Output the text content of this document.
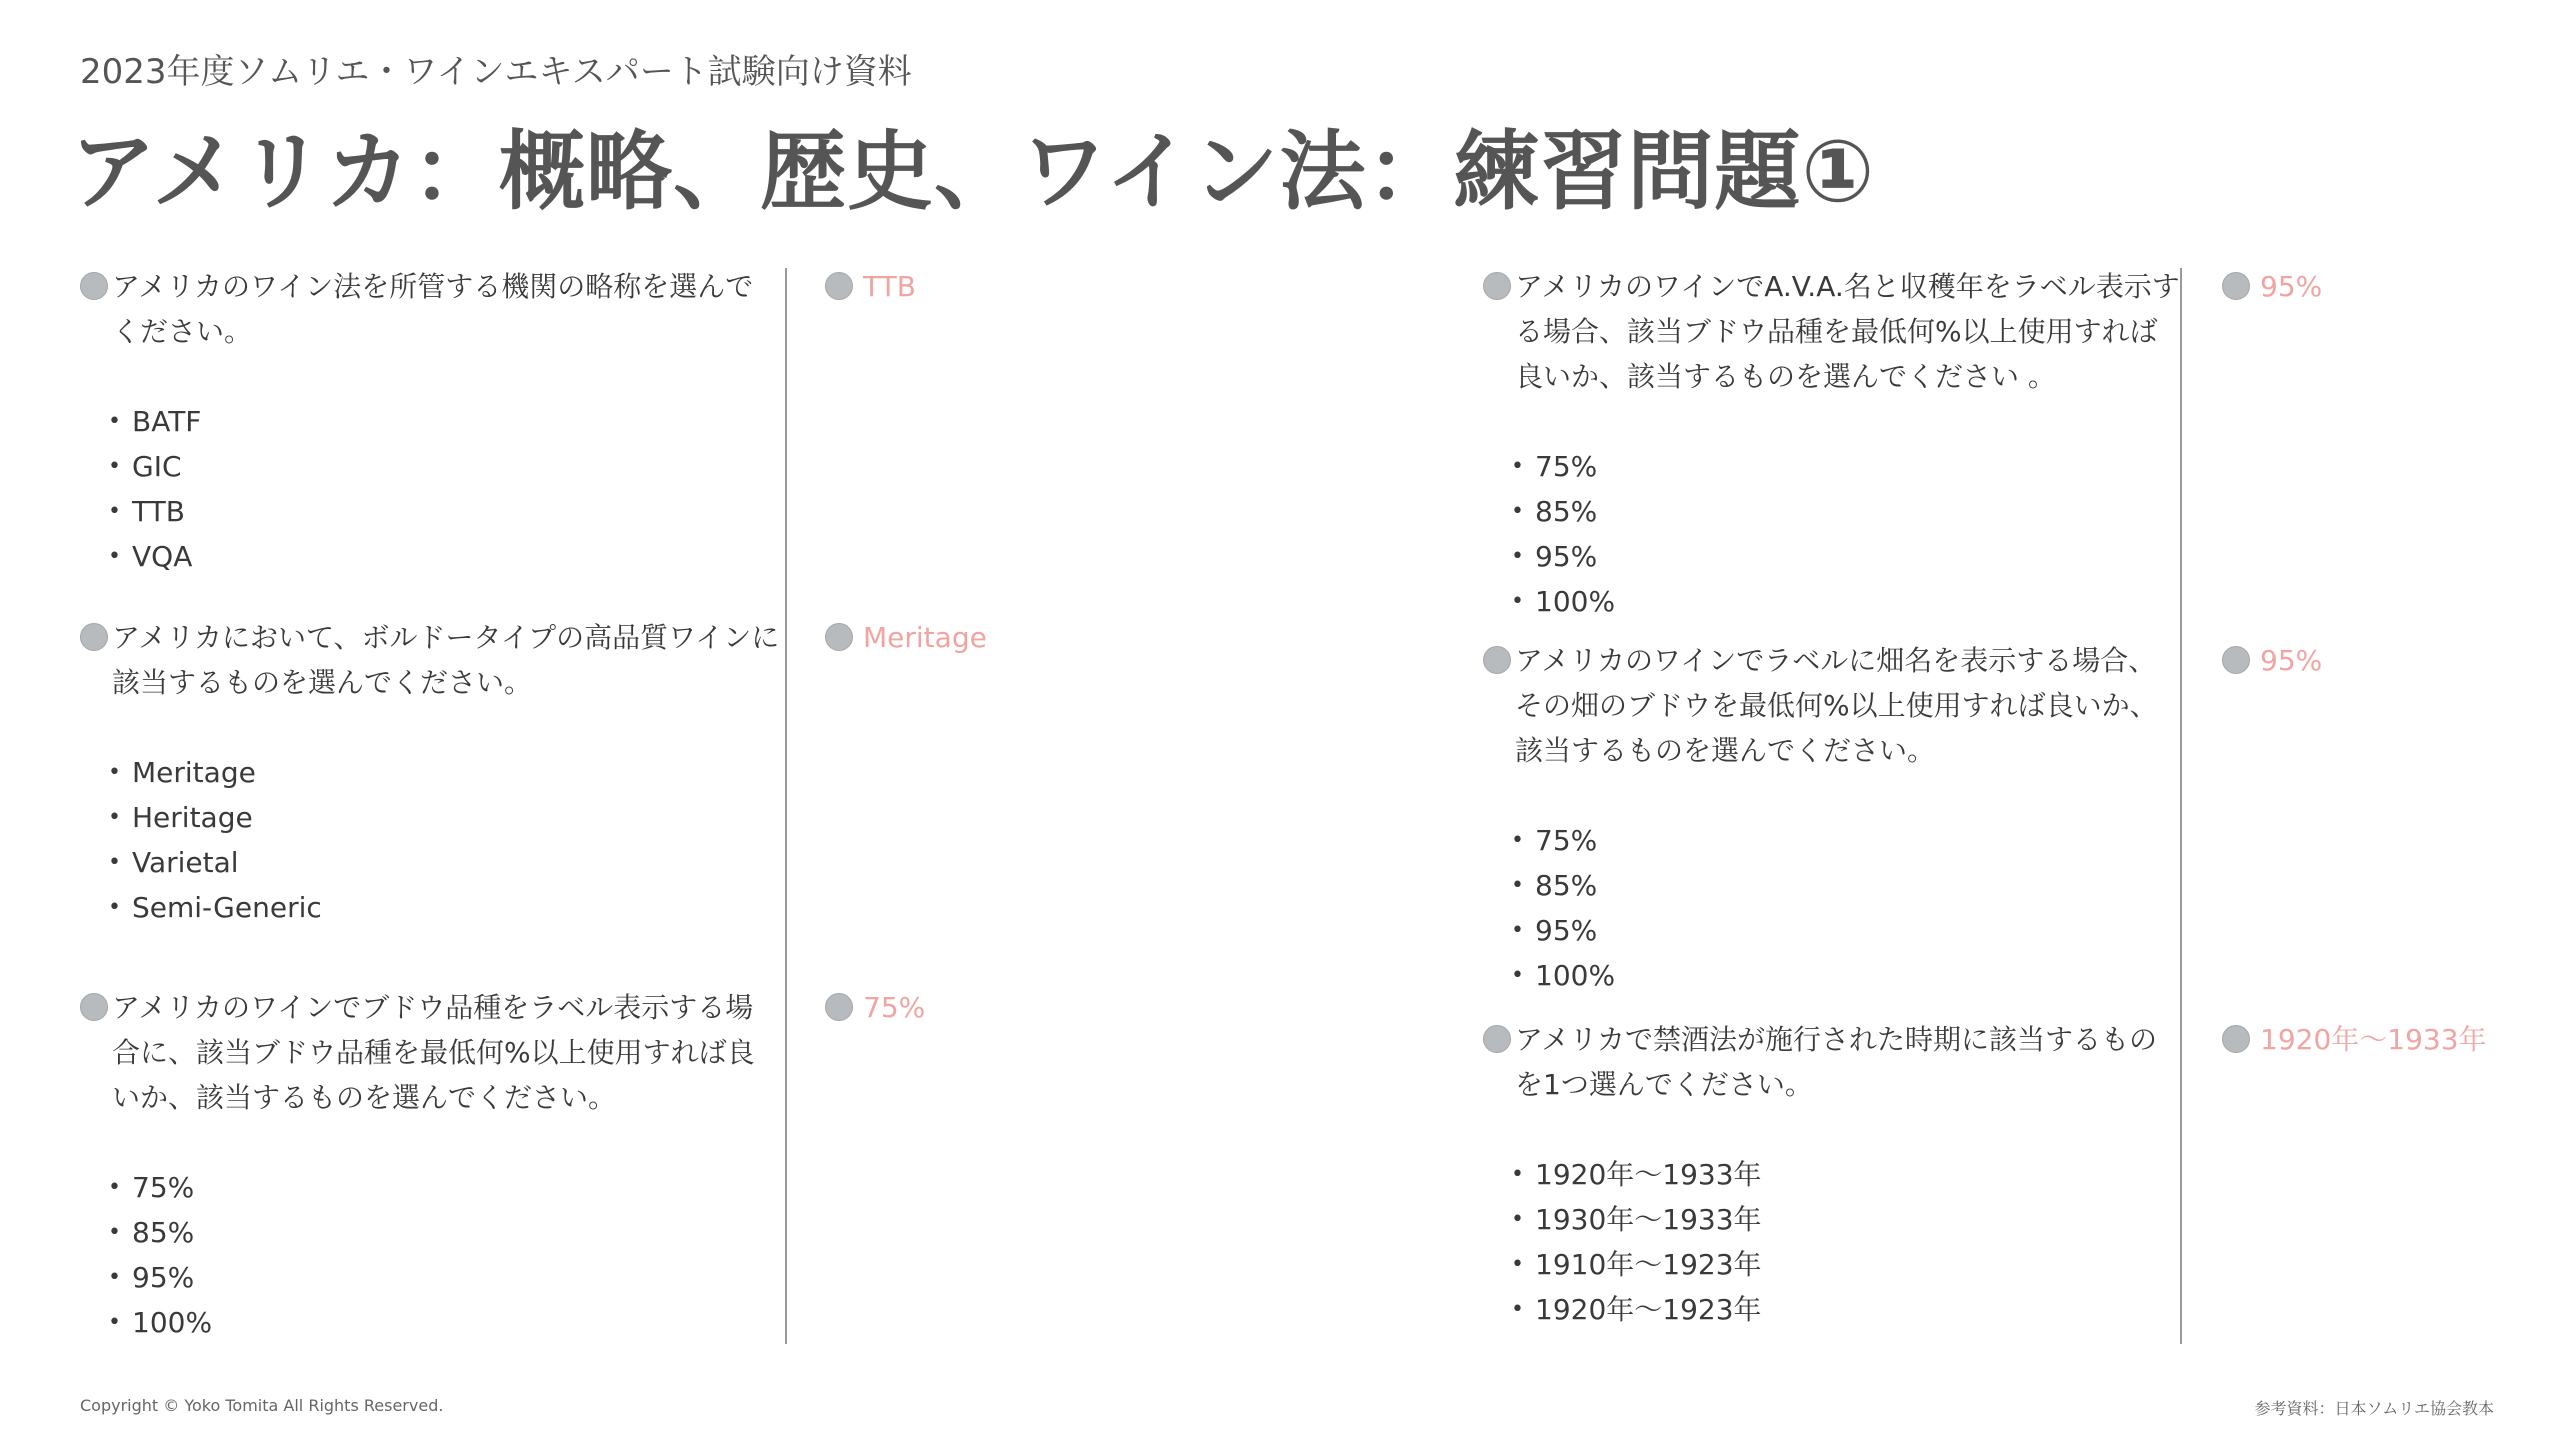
2023年度ソムリエ・ワインエキスパート試験向け資料
アメリカ：概略、歴史、ワイン法：練習問題①
アメリカのワイン法を所管する機関の略称を選んでください。
• BATF
• GIC
• TTB
• VQA
TTB
アメリカにおいて、ボルドータイプの高品質ワインに該当するものを選んでください。
• Meritage
• Heritage
• Varietal
• Semi-Generic
Meritage
アメリカのワインでブドウ品種をラベル表示する場合に、該当ブドウ品種を最低何%以上使用すれば良いか、該当するものを選んでください。
• 75%
• 85%
• 95%
• 100%
75%
アメリカのワインでA.V.A.名と収穫年をラベル表示する場合、該当ブドウ品種を最低何%以上使用すれば良いか、該当するものを選んでください 。
• 75%
• 85%
• 95%
• 100%
95%
アメリカのワインでラベルに畑名を表示する場合、その畑のブドウを最低何%以上使用すれば良いか、該当するものを選んでください。
• 75%
• 85%
• 95%
• 100%
95%
アメリカで禁酒法が施行された時期に該当するものを1つ選んでください。
• 1920年～1933年
• 1930年～1933年
• 1910年～1923年
• 1920年～1923年
1920年～1933年
Copyright © Yoko Tomita All Rights Reserved.	参考資料：日本ソムリエ協会教本
